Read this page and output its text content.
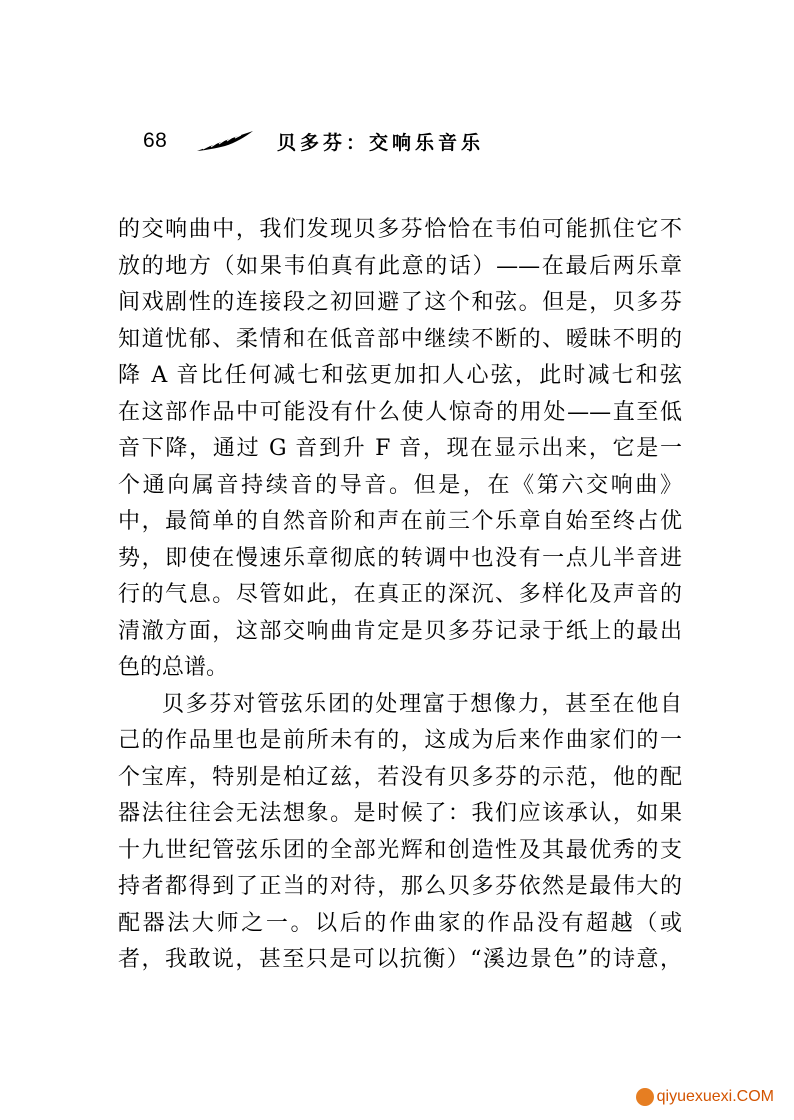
68	贝多芬：交响乐音乐
的交响曲中，我们发现贝多芬恰恰在韦伯可能抓住它不
放的地方（如果韦伯真有此意的话）——在最后两乐章
间戏剧性的连接段之初回避了这个和弦。但是，贝多芬
知道忧郁、柔情和在低音部中继续不断的、暧昧不明的
降 A 音比任何减七和弦更加扣人心弦，此时减七和弦
在这部作品中可能没有什么使人惊奇的用处——直至低
音下降，通过 G 音到升 F 音，现在显示出来，它是一
个通向属音持续音的导音。但是，在《第六交响曲》
中，最简单的自然音阶和声在前三个乐章自始至终占优
势，即使在慢速乐章彻底的转调中也没有一点儿半音进
行的气息。尽管如此，在真正的深沉、多样化及声音的
清澈方面，这部交响曲肯定是贝多芬记录于纸上的最出
色的总谱。
贝多芬对管弦乐团的处理富于想像力，甚至在他自
己的作品里也是前所未有的，这成为后来作曲家们的一
个宝库，特别是柏辽兹，若没有贝多芬的示范，他的配
器法往往会无法想象。是时候了：我们应该承认，如果
十九世纪管弦乐团的全部光辉和创造性及其最优秀的支
持者都得到了正当的对待，那么贝多芬依然是最伟大的
配器法大师之一。以后的作曲家的作品没有超越（或
者，我敢说，甚至只是可以抗衡）“溪边景色”的诗意，
qiyuexuexi.COM
